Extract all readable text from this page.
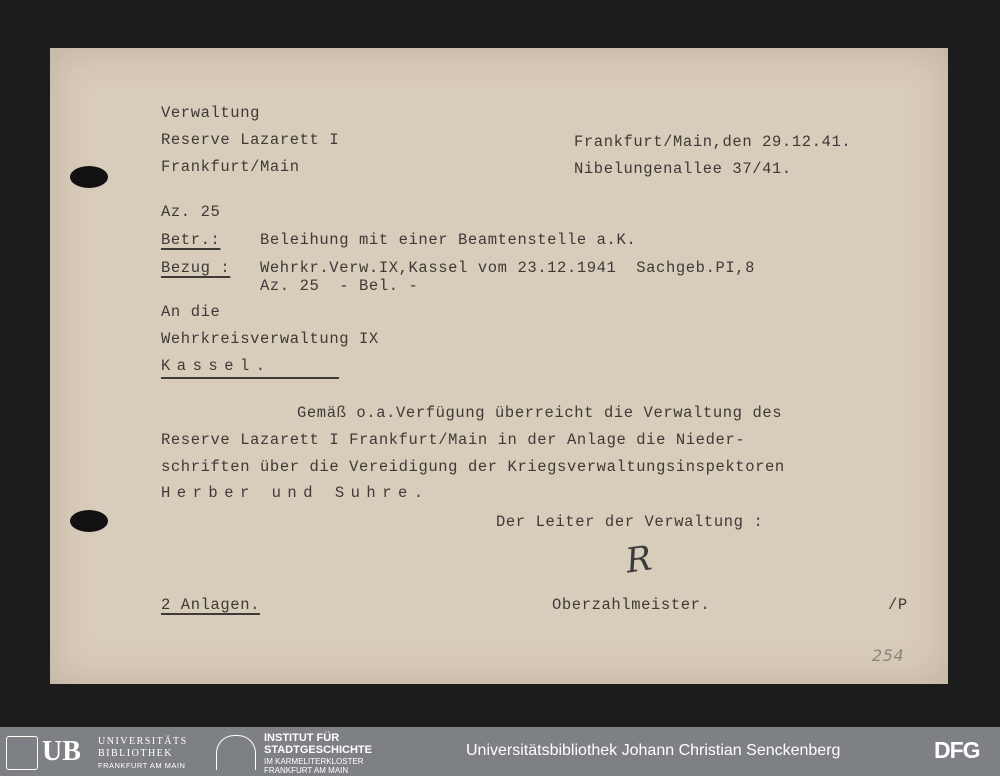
Verwaltung
Reserve Lazarett I
Frankfurt/Main
Frankfurt/Main,den 29.12.41.
Nibelungenallee 37/41.
Az. 25
Betr.:	Beleihung mit einer Beamtenstelle a.K.
Bezug : Wehrkr.Verw.IX,Kassel vom 23.12.1941  Sachgeb.PI,8
Az. 25  - Bel. -
An die
Wehrkreisverwaltung IX
Kassel.
Gemäß o.a.Verfügung überreicht die Verwaltung des
Reserve Lazarett I Frankfurt/Main in der Anlage die Nieder-
schriften über die Vereidigung der Kriegsverwaltungsinspektoren
Herber und Suhre.
Der Leiter der Verwaltung :
R
2 Anlagen.	Oberzahlmeister.	/P
254
UB UNIVERSITÄTS
BIBLIOTHEK
FRANKFURT AM MAIN
INSTITUT FÜR
STADTGESCHICHTE
IM KARMELITERKLOSTER
FRANKFURT AM MAIN
Universitätsbibliothek Johann Christian Senckenberg	DFG
